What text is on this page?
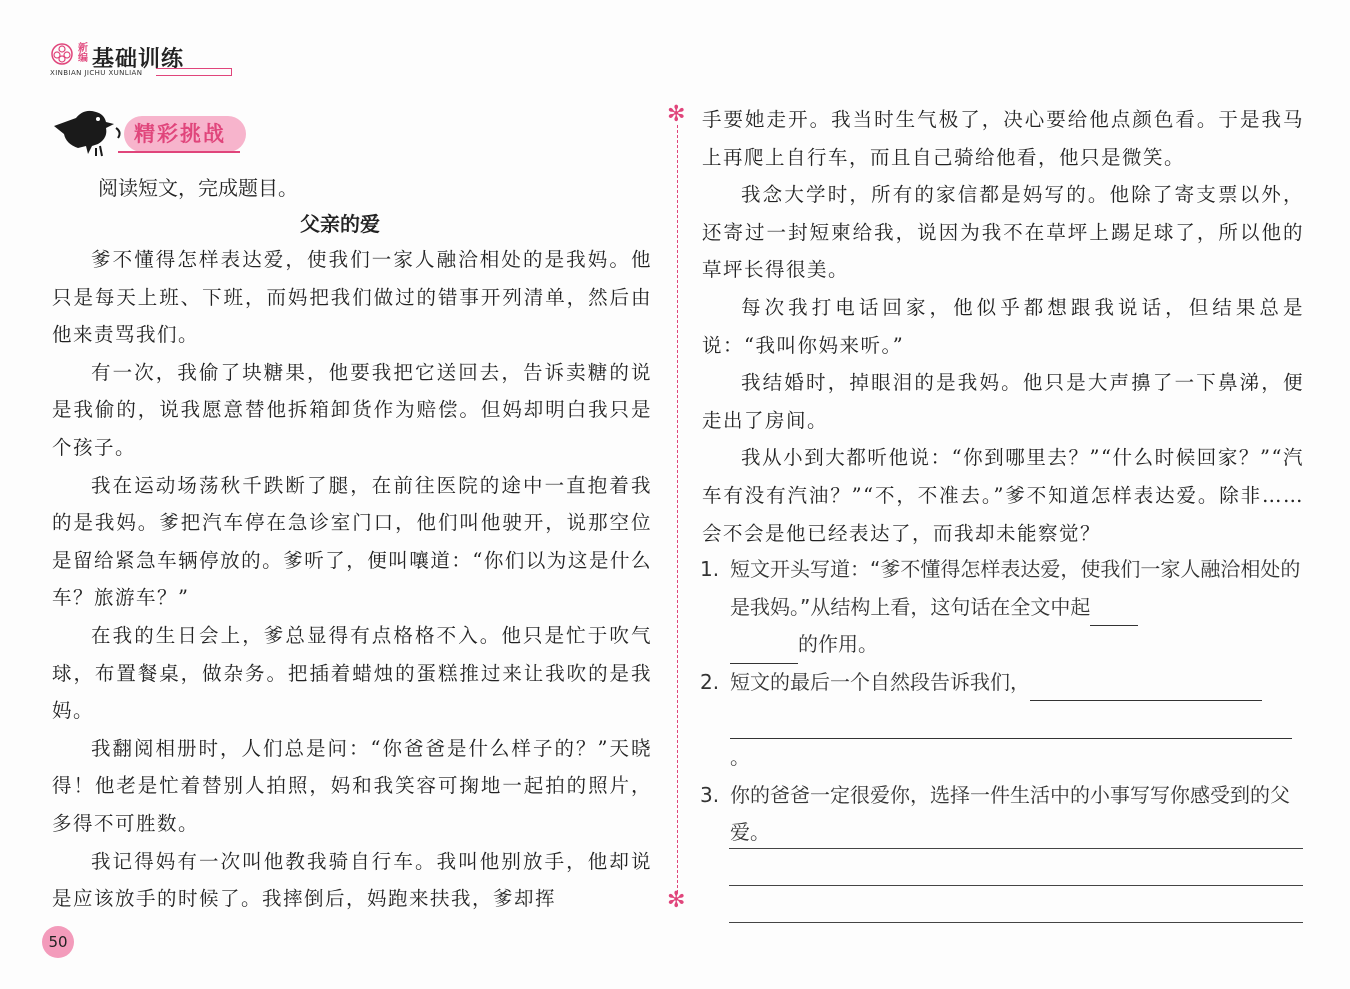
新编 基础训练
XINBIAN JICHU XUNLIAN
精彩挑战
阅读短文，完成题目。
父亲的爱

爹不懂得怎样表达爱，使我们一家人融洽相处的是我妈。他只是每天上班、下班，而妈把我们做过的错事开列清单，然后由他来责骂我们。

有一次，我偷了块糖果，他要我把它送回去，告诉卖糖的说是我偷的，说我愿意替他拆箱卸货作为赔偿。但妈却明白我只是个孩子。

我在运动场荡秋千跌断了腿，在前往医院的途中一直抱着我的是我妈。爹把汽车停在急诊室门口，他们叫他驶开，说那空位是留给紧急车辆停放的。爹听了，便叫嚷道：“你们以为这是什么车？旅游车？”

在我的生日会上，爹总显得有点格格不入。他只是忙于吹气球，布置餐桌，做杂务。把插着蜡烛的蛋糕推过来让我吹的是我妈。

我翻阅相册时，人们总是问：“你爸爸是什么样子的？”天晓得！他老是忙着替别人拍照，妈和我笑容可掬地一起拍的照片，多得不可胜数。

我记得妈有一次叫他教我骑自行车。我叫他别放手，他却说是应该放手的时候了。我摔倒后，妈跑来扶我，爹却挥

✻
✻

手要她走开。我当时生气极了，决心要给他点颜色看。于是我马上再爬上自行车，而且自己骑给他看，他只是微笑。

我念大学时，所有的家信都是妈写的。他除了寄支票以外，还寄过一封短柬给我，说因为我不在草坪上踢足球了，所以他的草坪长得很美。

每次我打电话回家，他似乎都想跟我说话，但结果总是说：“我叫你妈来听。”

我结婚时，掉眼泪的是我妈。他只是大声擤了一下鼻涕，便走出了房间。

我从小到大都听他说：“你到哪里去？”“什么时候回家？”“汽车有没有汽油？”“不，不准去。”爹不知道怎样表达爱。除非……会不会是他已经表达了，而我却未能察觉？

1. 短文开头写道：“爹不懂得怎样表达爱，使我们一家人融洽相处的是我妈。”从结构上看，这句话在全文中起
的作用。

2. 短文的最后一个自然段告诉我们，
。

3. 你的爸爸一定很爱你，选择一件生活中的小事写写你感受到的父爱。

50
